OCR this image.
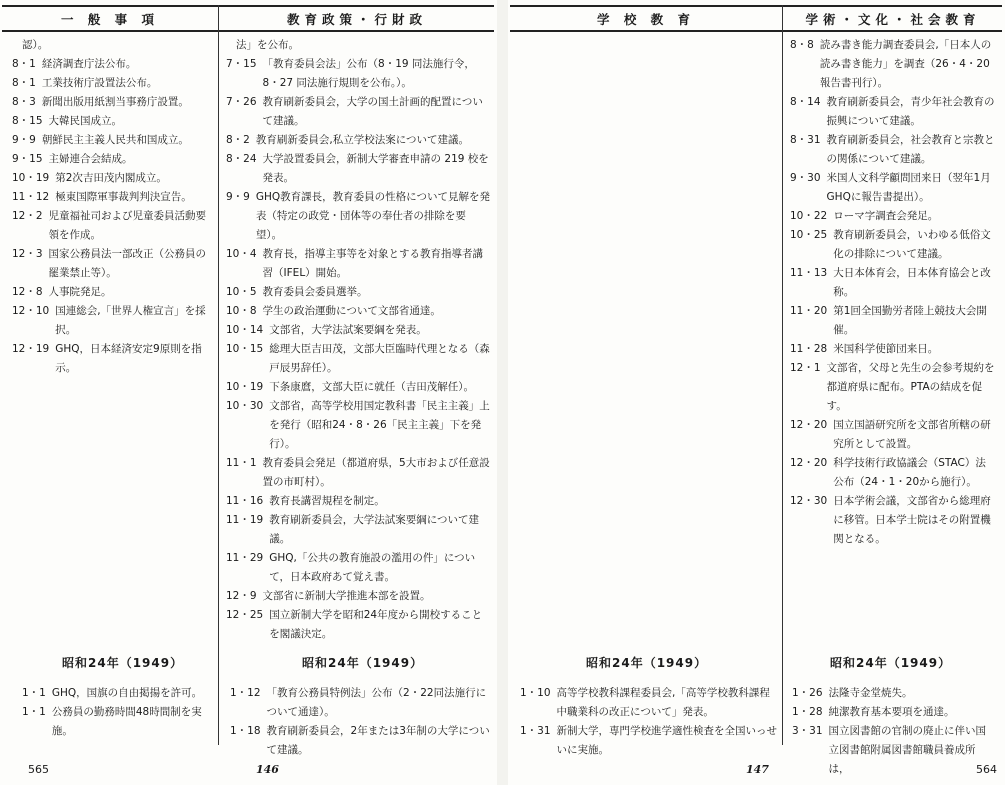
一 般 事 項	教育政策・行財政
認）。
8・1 経済調査庁法公布。
8・1 工業技術庁設置法公布。
8・3 新聞出版用紙割当事務庁設置。
8・15 大韓民国成立。
9・9 朝鮮民主主義人民共和国成立。
9・15 主婦連合会結成。
10・19 第2次吉田茂内閣成立。
11・12 極東国際軍事裁判判決宣告。
12・2 児童福祉司および児童委員活動要領を作成。
12・3 国家公務員法一部改正（公務員の罷業禁止等）。
12・8 人事院発足。
12・10 国連総会,「世界人権宣言」を採択。
12・19 GHQ，日本経済安定9原則を指示。
法」を公布。
7・15 「教育委員会法」公布（8・19 同法施行令，8・27 同法施行規則を公布。）。
7・26 教育刷新委員会，大学の国土計画的配置について建議。
8・2 教育刷新委員会,私立学校法案について建議。
8・24 大学設置委員会，新制大学審査申請の 219 校を発表。
9・9 GHQ教育課長，教育委員の性格について見解を発表（特定の政党・団体等の奉仕者の排除を要望）。
10・4 教育長，指導主事等を対象とする教育指導者講習（IFEL）開始。
10・5 教育委員会委員選挙。
10・8 学生の政治運動について文部省通達。
10・14 文部省，大学法試案要綱を発表。
10・15 総理大臣吉田茂，文部大臣臨時代理となる（森戸辰男辞任）。
10・19 下条康麿，文部大臣に就任（吉田茂解任）。
10・30 文部省，高等学校用国定教科書「民主主義」上を発行（昭和24・8・26「民主主義」下を発行）。
11・1 教育委員会発足（都道府県，5大市および任意設置の市町村）。
11・16 教育長講習規程を制定。
11・19 教育刷新委員会，大学法試案要綱について建議。
11・29 GHQ,「公共の教育施設の濫用の件」について，日本政府あて覚え書。
12・9 文部省に新制大学推進本部を設置。
12・25 国立新制大学を昭和24年度から開校することを閣議決定。
昭和24年（1949）	昭和24年（1949）
1・1 GHQ，国旗の自由掲揚を許可。
1・1 公務員の勤務時間48時間制を実施。
1・12 「教育公務員特例法」公布（2・22同法施行について通達）。
1・18 教育刷新委員会，2年または3年制の大学について建議。
565	146
学 校 教 育	学術・文化・社会教育
8・8 読み書き能力調査委員会,「日本人の読み書き能力」を調査（26・4・20 報告書刊行）。
8・14 教育刷新委員会，青少年社会教育の振興について建議。
8・31 教育刷新委員会，社会教育と宗教との関係について建議。
9・30 米国人文科学顧問団来日（翌年1月GHQに報告書提出）。
10・22 ローマ字調査会発足。
10・25 教育刷新委員会，いわゆる低俗文化の排除について建議。
11・13 大日本体育会，日本体育協会と改称。
11・20 第1回全国勤労者陸上競技大会開催。
11・28 米国科学使節団来日。
12・1 文部省，父母と先生の会参考規約を都道府県に配布。PTAの結成を促す。
12・20 国立国語研究所を文部省所轄の研究所として設置。
12・20 科学技術行政協議会（STAC）法公布（24・1・20から施行）。
12・30 日本学術会議，文部省から総理府に移管。日本学士院はその附置機関となる。
昭和24年（1949）	昭和24年（1949）
1・10 高等学校教科課程委員会,「高等学校教科課程中職業科の改正について」発表。
1・31 新制大学，専門学校進学適性検査を全国いっせいに実施。
1・26 法隆寺金堂焼失。
1・28 純潔教育基本要項を通達。
3・31 国立図書館の官制の廃止に伴い国立図書館附属図書館職員養成所は，
147	564
